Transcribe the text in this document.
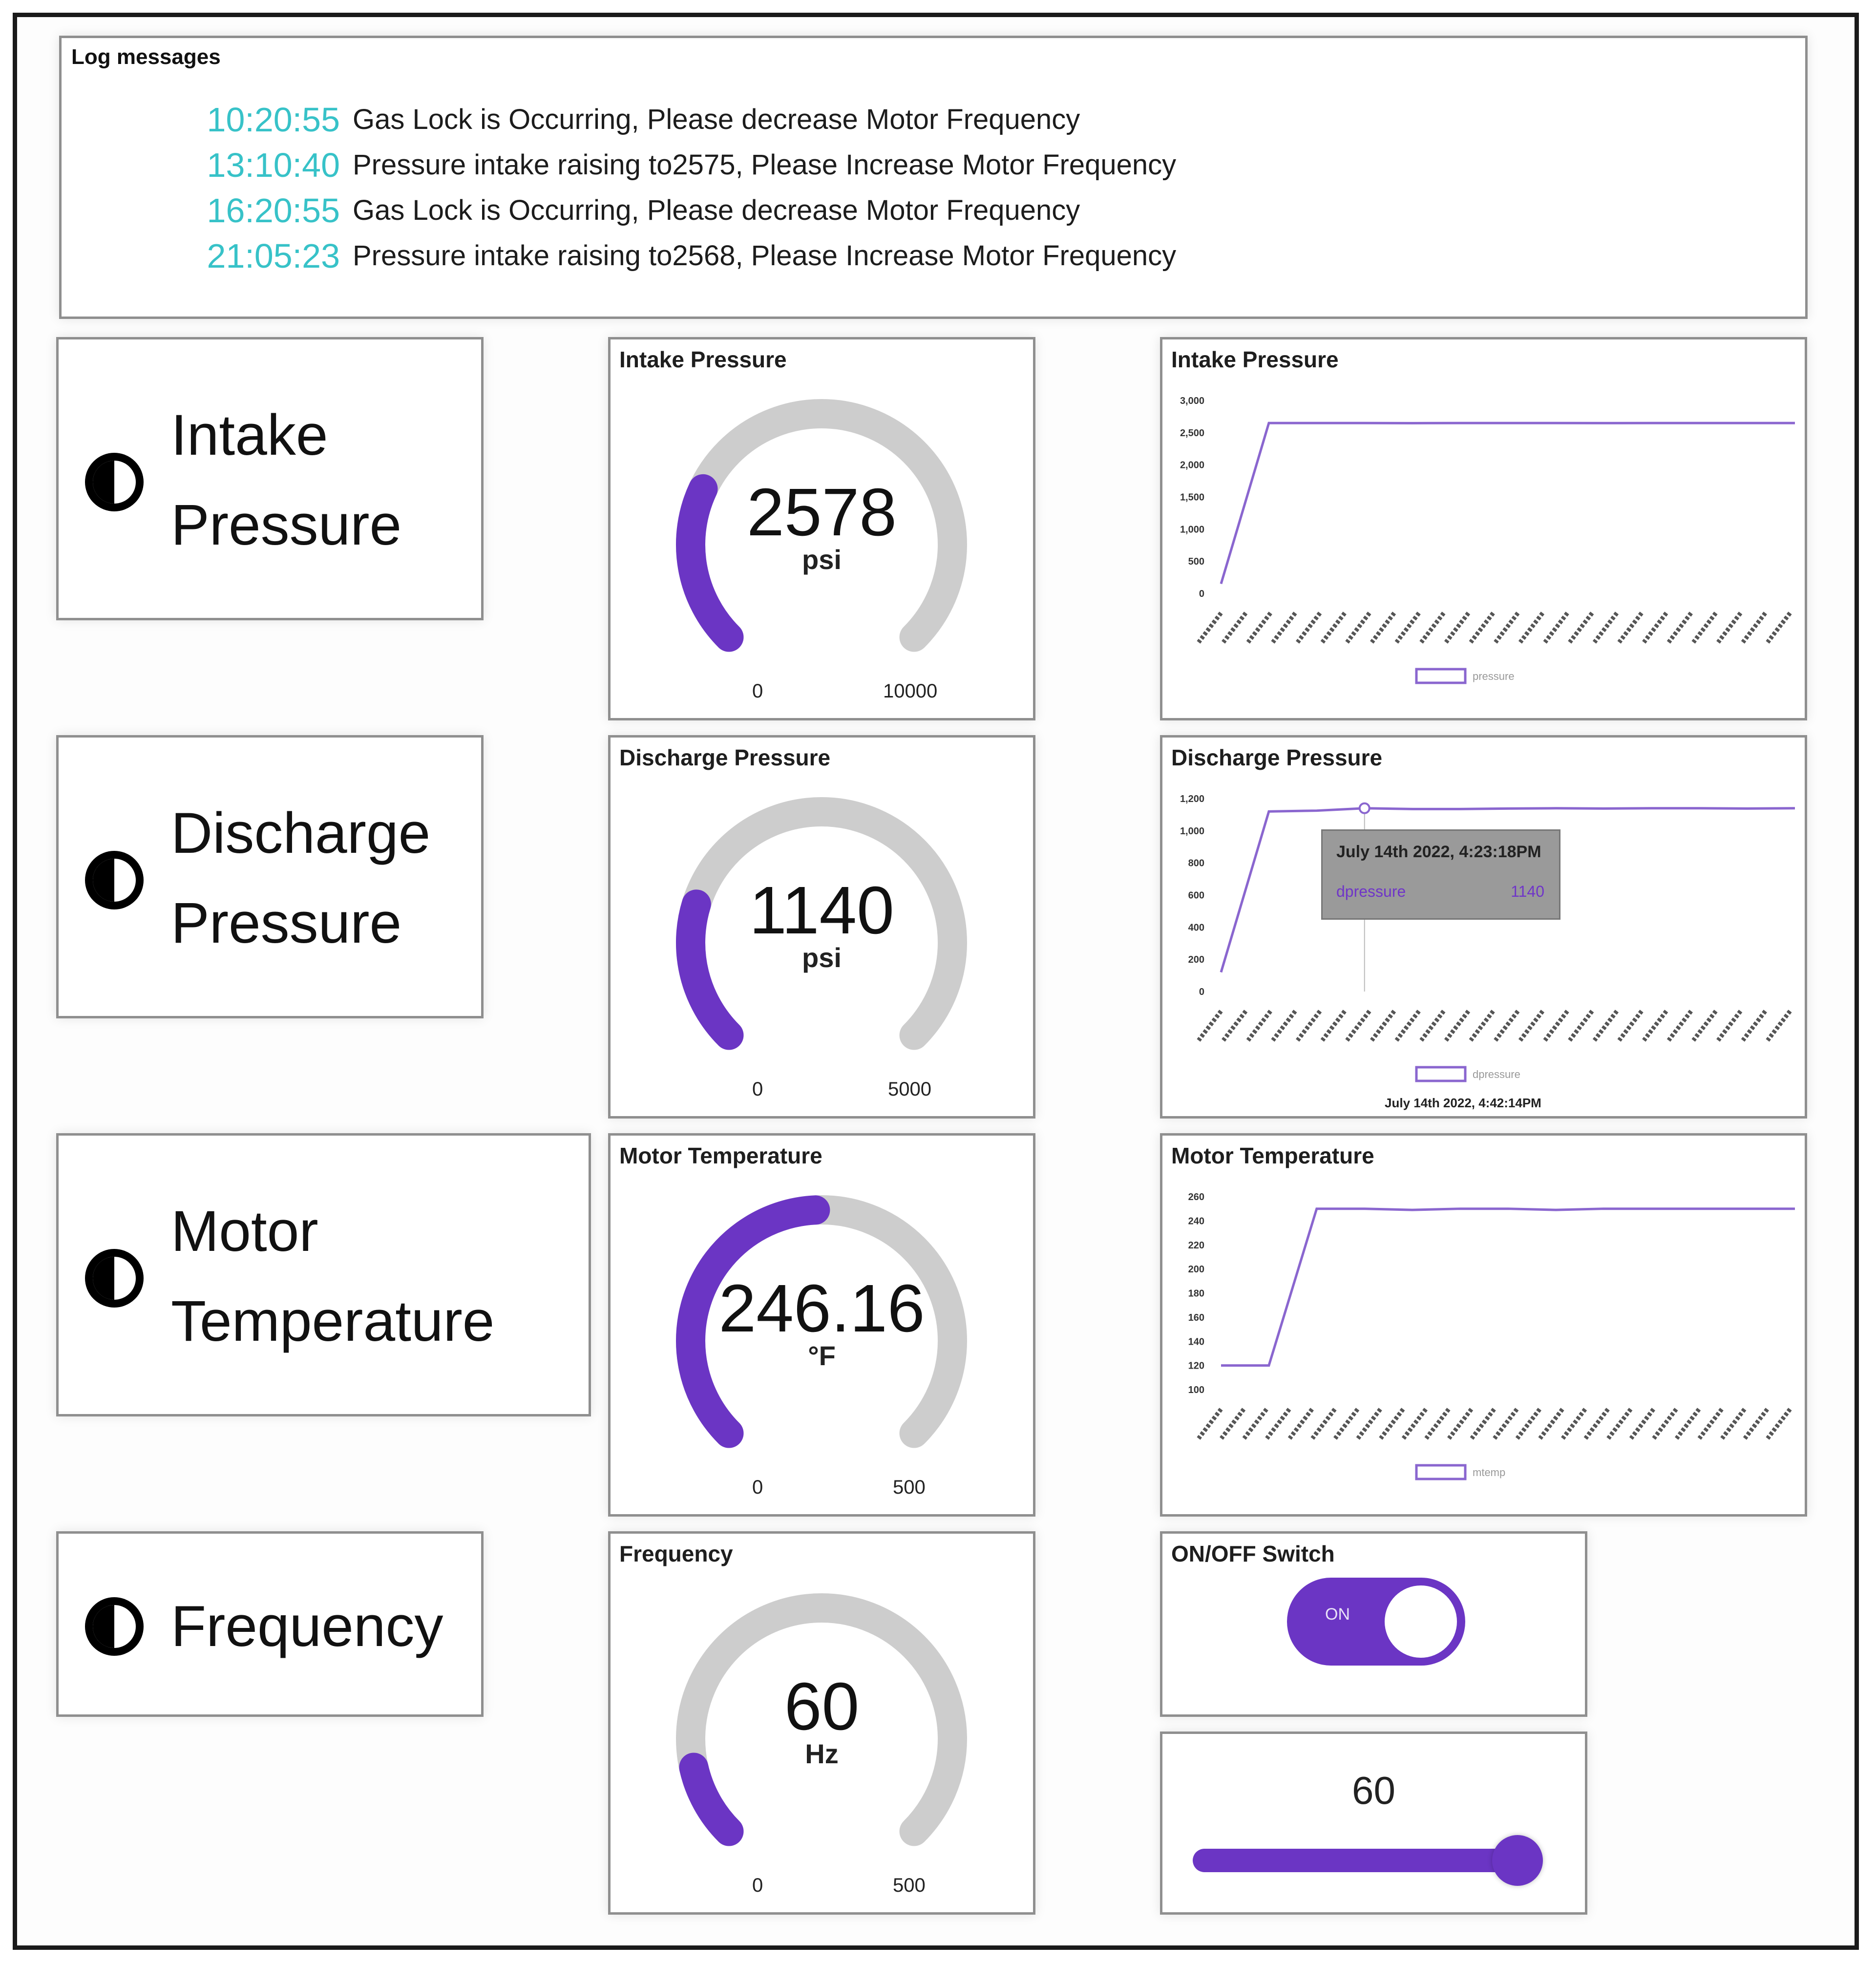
Log messages
10:20:55 Gas Lock is Occurring, Please decrease Motor Frequency
13:10:40 Pressure intake raising to2575, Please Increase Motor Frequency
16:20:55 Gas Lock is Occurring, Please decrease Motor Frequency
21:05:23 Pressure intake raising to2568, Please Increase Motor Frequency
Intake
Pressure
Discharge
Pressure
Motor
Temperature
Frequency
Intake Pressure
2578
psi
0	10000
Discharge Pressure
1140
psi
0	5000
Motor Temperature
246.16
°F
0	500
Frequency
60
Hz
0	500
Intake Pressure
3,000
2,500
2,000
1,500
1,000
500
0
pressure
Discharge Pressure
1,200
1,000
800
600
400
200
0
dpressure
July 14th 2022, 4:23:18PM
dpressure	1140
July 14th 2022, 4:42:14PM
Motor Temperature
260
240
220
200
180
160
140
120
100
mtemp
ON/OFF Switch
ON
60
